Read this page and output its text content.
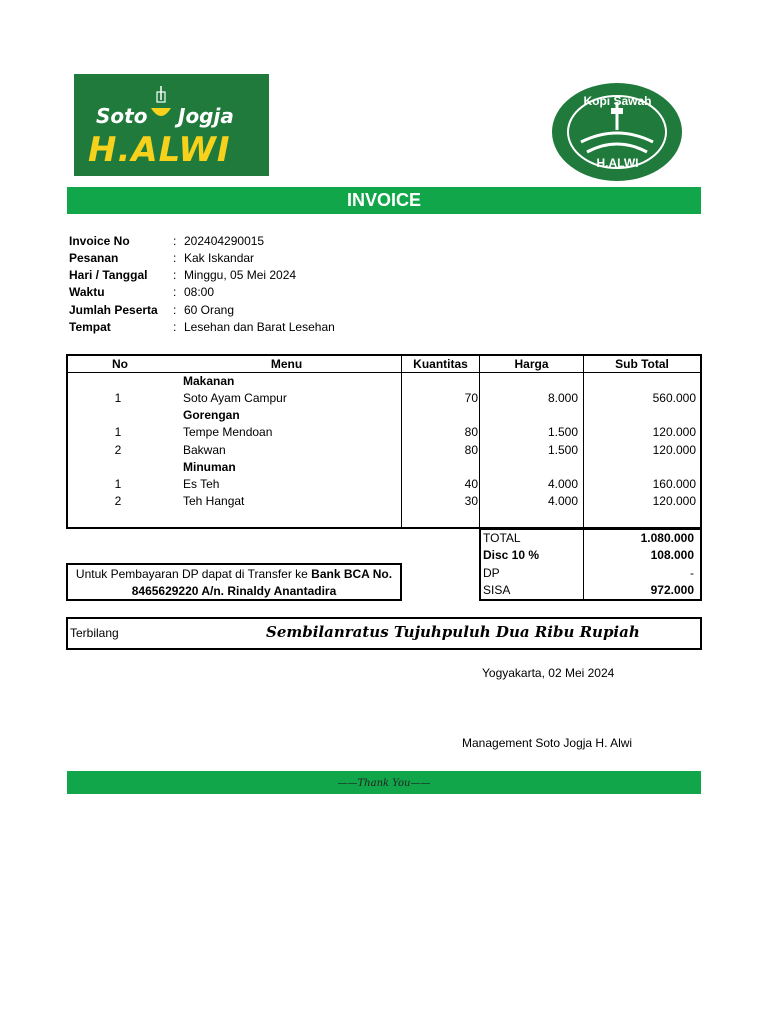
Soto Jogja
H.ALWI
Kopi Sawah
H.ALWI
INVOICE
Invoice No	: 202404290015
Pesanan	: Kak Iskandar
Hari / Tanggal : Minggu, 05 Mei 2024
Waktu	: 08:00
Jumlah Peserta : 60 Orang
Tempat	: Lesehan dan Barat Lesehan
No	Menu	Kuantitas	Harga	Sub Total
Makanan
1	Soto Ayam Campur	70	8.000	560.000
Gorengan
1	Tempe Mendoan	80	1.500	120.000
2	Bakwan	80	1.500	120.000
Minuman
1	Es Teh	40	4.000	160.000
2	Teh Hangat	30	4.000	120.000
TOTAL	1.080.000
Disc 10 %	108.000
DP	-
SISA	972.000
Untuk Pembayaran DP dapat di Transfer ke Bank BCA No.
8465629220 A/n. Rinaldy Anantadira
Terbilang	Sembilanratus Tujuhpuluh Dua Ribu Rupiah
Yogyakarta, 02 Mei 2024
Management Soto Jogja H. Alwi
——Thank You——
